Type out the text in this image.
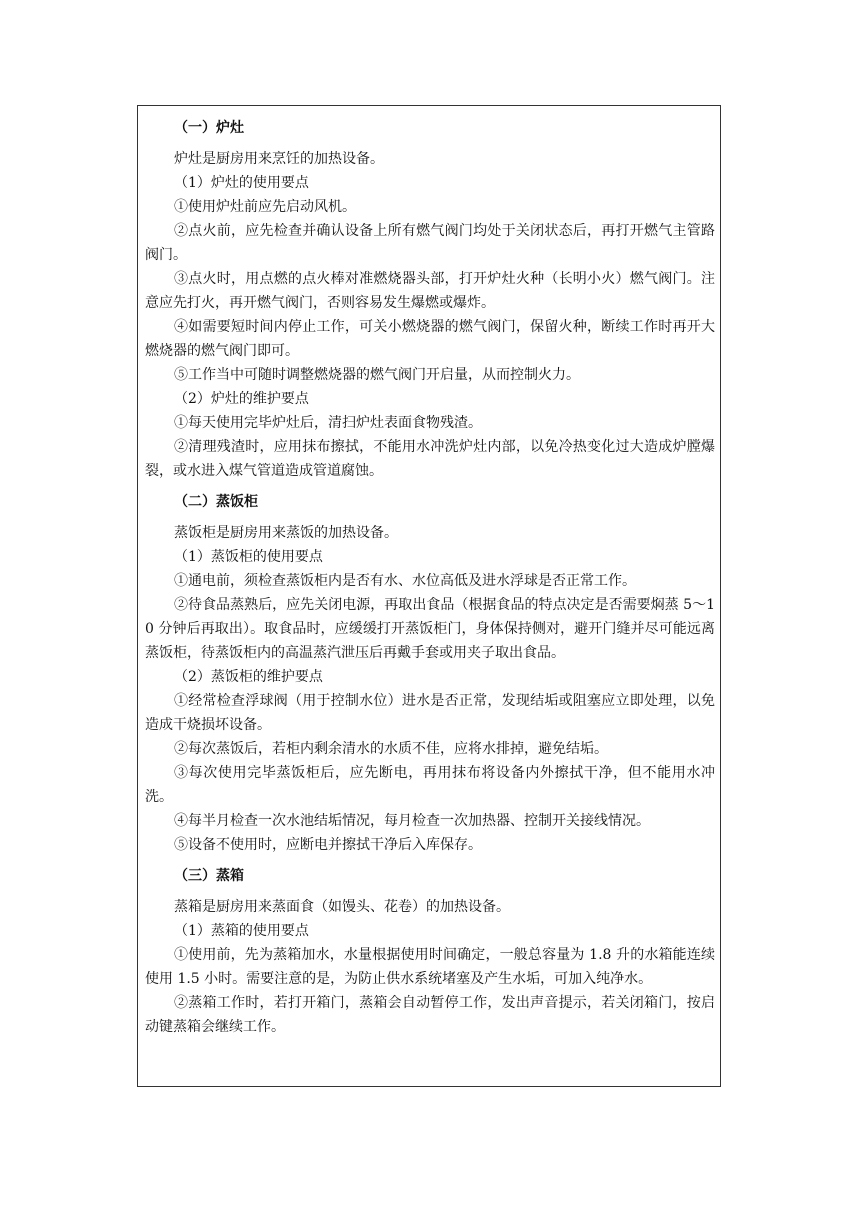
（一）炉灶

炉灶是厨房用来烹饪的加热设备。

（1）炉灶的使用要点

①使用炉灶前应先启动风机。

②点火前，应先检查并确认设备上所有燃气阀门均处于关闭状态后，再打开燃气主管路阀门。

③点火时，用点燃的点火棒对准燃烧器头部，打开炉灶火种（长明小火）燃气阀门。注意应先打火，再开燃气阀门，否则容易发生爆燃或爆炸。

④如需要短时间内停止工作，可关小燃烧器的燃气阀门，保留火种，断续工作时再开大燃烧器的燃气阀门即可。

⑤工作当中可随时调整燃烧器的燃气阀门开启量，从而控制火力。

（2）炉灶的维护要点

①每天使用完毕炉灶后，清扫炉灶表面食物残渣。

②清理残渣时，应用抹布擦拭，不能用水冲洗炉灶内部，以免冷热变化过大造成炉膛爆裂，或水进入煤气管道造成管道腐蚀。

（二）蒸饭柜

蒸饭柜是厨房用来蒸饭的加热设备。

（1）蒸饭柜的使用要点

①通电前，须检查蒸饭柜内是否有水、水位高低及进水浮球是否正常工作。

②待食品蒸熟后，应先关闭电源，再取出食品（根据食品的特点决定是否需要焖蒸 5～10 分钟后再取出）。取食品时，应缓缓打开蒸饭柜门，身体保持侧对，避开门缝并尽可能远离蒸饭柜，待蒸饭柜内的高温蒸汽泄压后再戴手套或用夹子取出食品。

（2）蒸饭柜的维护要点

①经常检查浮球阀（用于控制水位）进水是否正常，发现结垢或阻塞应立即处理，以免造成干烧损坏设备。

②每次蒸饭后，若柜内剩余清水的水质不佳，应将水排掉，避免结垢。

③每次使用完毕蒸饭柜后，应先断电，再用抹布将设备内外擦拭干净，但不能用水冲洗。

④每半月检查一次水池结垢情况，每月检查一次加热器、控制开关接线情况。

⑤设备不使用时，应断电并擦拭干净后入库保存。

（三）蒸箱

蒸箱是厨房用来蒸面食（如馒头、花卷）的加热设备。

（1）蒸箱的使用要点

①使用前，先为蒸箱加水，水量根据使用时间确定，一般总容量为 1.8 升的水箱能连续使用 1.5 小时。需要注意的是，为防止供水系统堵塞及产生水垢，可加入纯净水。

②蒸箱工作时，若打开箱门，蒸箱会自动暂停工作，发出声音提示，若关闭箱门，按启动键蒸箱会继续工作。
